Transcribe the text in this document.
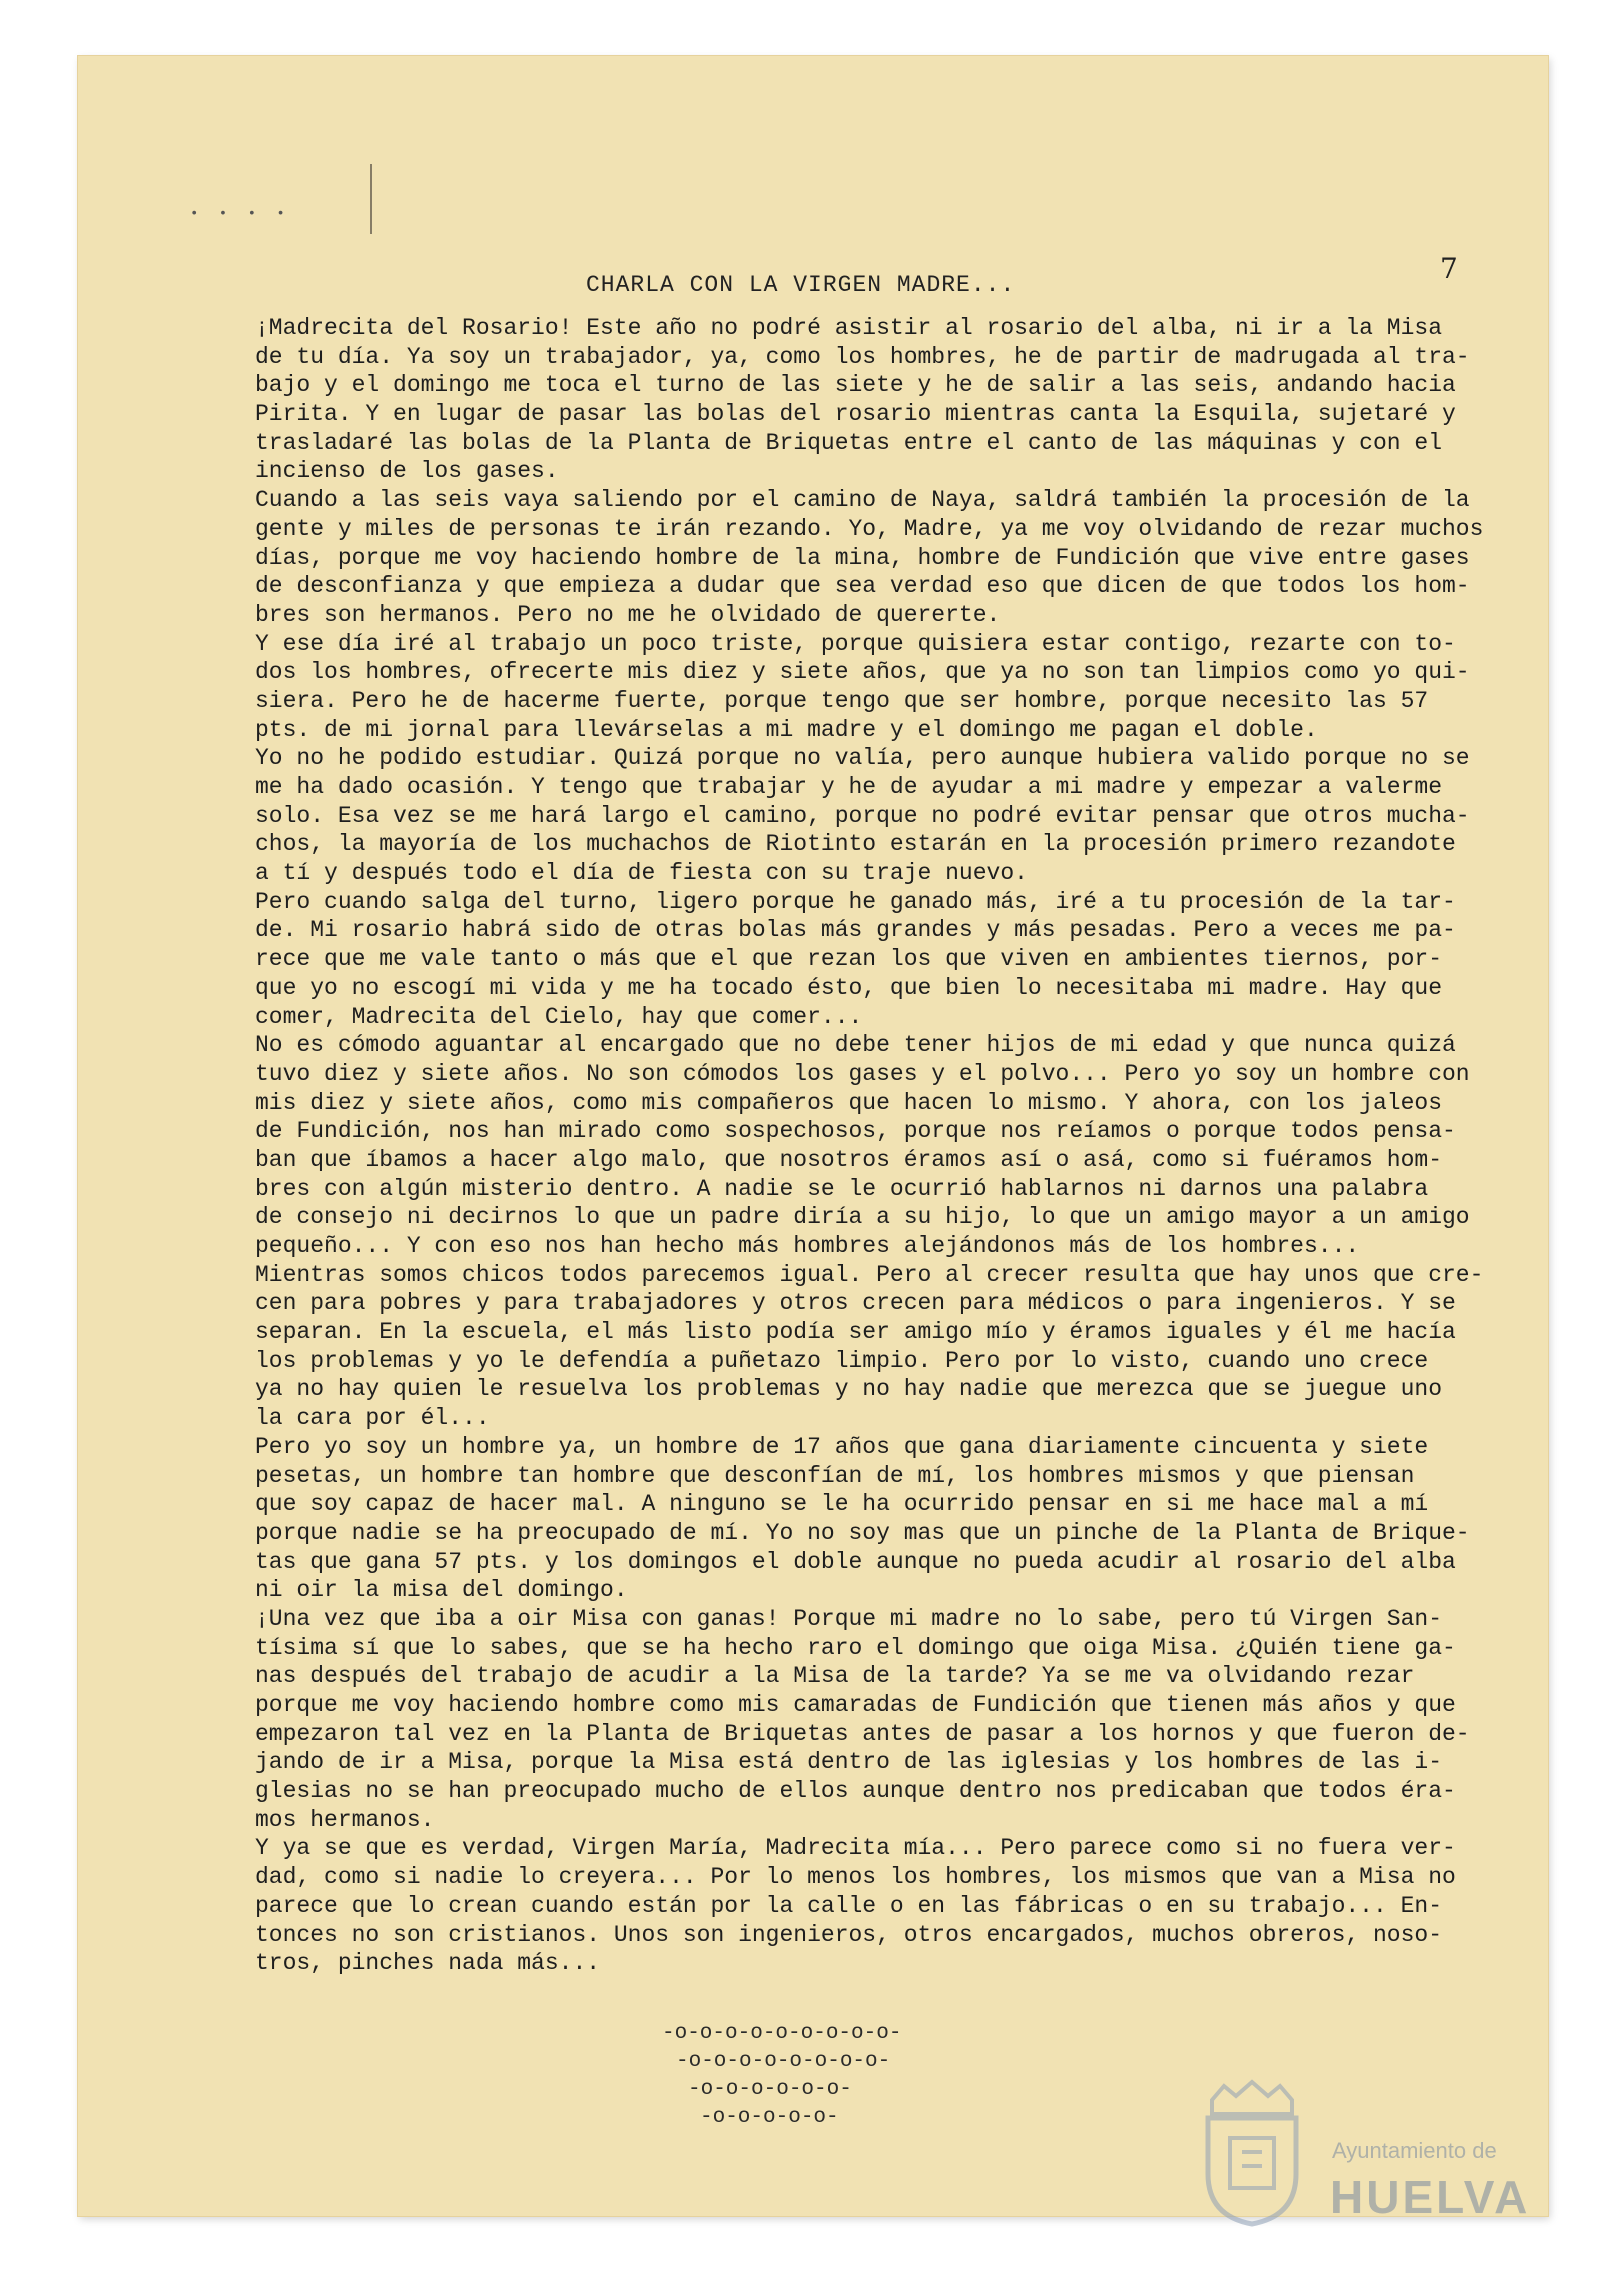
• • • •
7
CHARLA CON LA VIRGEN MADRE...
¡Madrecita del Rosario! Este año no podré asistir al rosario del alba, ni ir a la Misa
de tu día. Ya soy un trabajador, ya, como los hombres, he de partir de madrugada al tra-
bajo y el domingo me toca el turno de las siete y he de salir a las seis, andando hacia
Pirita. Y en lugar de pasar las bolas del rosario mientras canta la Esquila, sujetaré y
trasladaré las bolas de la Planta de Briquetas entre el canto de las máquinas y con el
incienso de los gases.
Cuando a las seis vaya saliendo por el camino de Naya, saldrá también la procesión de la
gente y miles de personas te irán rezando. Yo, Madre, ya me voy olvidando de rezar muchos
días, porque me voy haciendo hombre de la mina, hombre de Fundición que vive entre gases
de desconfianza y que empieza a dudar que sea verdad eso que dicen de que todos los hom-
bres son hermanos. Pero no me he olvidado de quererte.
Y ese día iré al trabajo un poco triste, porque quisiera estar contigo, rezarte con to-
dos los hombres, ofrecerte mis diez y siete años, que ya no son tan limpios como yo qui-
siera. Pero he de hacerme fuerte, porque tengo que ser hombre, porque necesito las 57
pts. de mi jornal para llevárselas a mi madre y el domingo me pagan el doble.
Yo no he podido estudiar. Quizá porque no valía, pero aunque hubiera valido porque no se
me ha dado ocasión. Y tengo que trabajar y he de ayudar a mi madre y empezar a valerme
solo. Esa vez se me hará largo el camino, porque no podré evitar pensar que otros mucha-
chos, la mayoría de los muchachos de Riotinto estarán en la procesión primero rezandote
a tí y después todo el día de fiesta con su traje nuevo.
Pero cuando salga del turno, ligero porque he ganado más, iré a tu procesión de la tar-
de. Mi rosario habrá sido de otras bolas más grandes y más pesadas. Pero a veces me pa-
rece que me vale tanto o más que el que rezan los que viven en ambientes tiernos, por-
que yo no escogí mi vida y me ha tocado ésto, que bien lo necesitaba mi madre. Hay que
comer, Madrecita del Cielo, hay que comer...
No es cómodo aguantar al encargado que no debe tener hijos de mi edad y que nunca quizá
tuvo diez y siete años. No son cómodos los gases y el polvo... Pero yo soy un hombre con
mis diez y siete años, como mis compañeros que hacen lo mismo. Y ahora, con los jaleos
de Fundición, nos han mirado como sospechosos, porque nos reíamos o porque todos pensa-
ban que íbamos a hacer algo malo, que nosotros éramos así o asá, como si fuéramos hom-
bres con algún misterio dentro. A nadie se le ocurrió hablarnos ni darnos una palabra
de consejo ni decirnos lo que un padre diría a su hijo, lo que un amigo mayor a un amigo
pequeño... Y con eso nos han hecho más hombres alejándonos más de los hombres...
Mientras somos chicos todos parecemos igual. Pero al crecer resulta que hay unos que cre-
cen para pobres y para trabajadores y otros crecen para médicos o para ingenieros. Y se
separan. En la escuela, el más listo podía ser amigo mío y éramos iguales y él me hacía
los problemas y yo le defendía a puñetazo limpio. Pero por lo visto, cuando uno crece
ya no hay quien le resuelva los problemas y no hay nadie que merezca que se juegue uno
la cara por él...
Pero yo soy un hombre ya, un hombre de 17 años que gana diariamente cincuenta y siete
pesetas, un hombre tan hombre que desconfían de mí, los hombres mismos y que piensan
que soy capaz de hacer mal. A ninguno se le ha ocurrido pensar en si me hace mal a mí
porque nadie se ha preocupado de mí. Yo no soy mas que un pinche de la Planta de Brique-
tas que gana 57 pts. y los domingos el doble aunque no pueda acudir al rosario del alba
ni oir la misa del domingo.
¡Una vez que iba a oir Misa con ganas! Porque mi madre no lo sabe, pero tú Virgen San-
tísima sí que lo sabes, que se ha hecho raro el domingo que oiga Misa. ¿Quién tiene ga-
nas después del trabajo de acudir a la Misa de la tarde? Ya se me va olvidando rezar
porque me voy haciendo hombre como mis camaradas de Fundición que tienen más años y que
empezaron tal vez en la Planta de Briquetas antes de pasar a los hornos y que fueron de-
jando de ir a Misa, porque la Misa está dentro de las iglesias y los hombres de las i-
glesias no se han preocupado mucho de ellos aunque dentro nos predicaban que todos éra-
mos hermanos.
Y ya se que es verdad, Virgen María, Madrecita mía... Pero parece como si no fuera ver-
dad, como si nadie lo creyera... Por lo menos los hombres, los mismos que van a Misa no
parece que lo crean cuando están por la calle o en las fábricas o en su trabajo... En-
tonces no son cristianos. Unos son ingenieros, otros encargados, muchos obreros, noso-
tros, pinches nada más...
-o-o-o-o-o-o-o-o-o-
-o-o-o-o-o-o-o-o-
-o-o-o-o-o-o-
-o-o-o-o-o-
Ayuntamiento de
HUELVA
